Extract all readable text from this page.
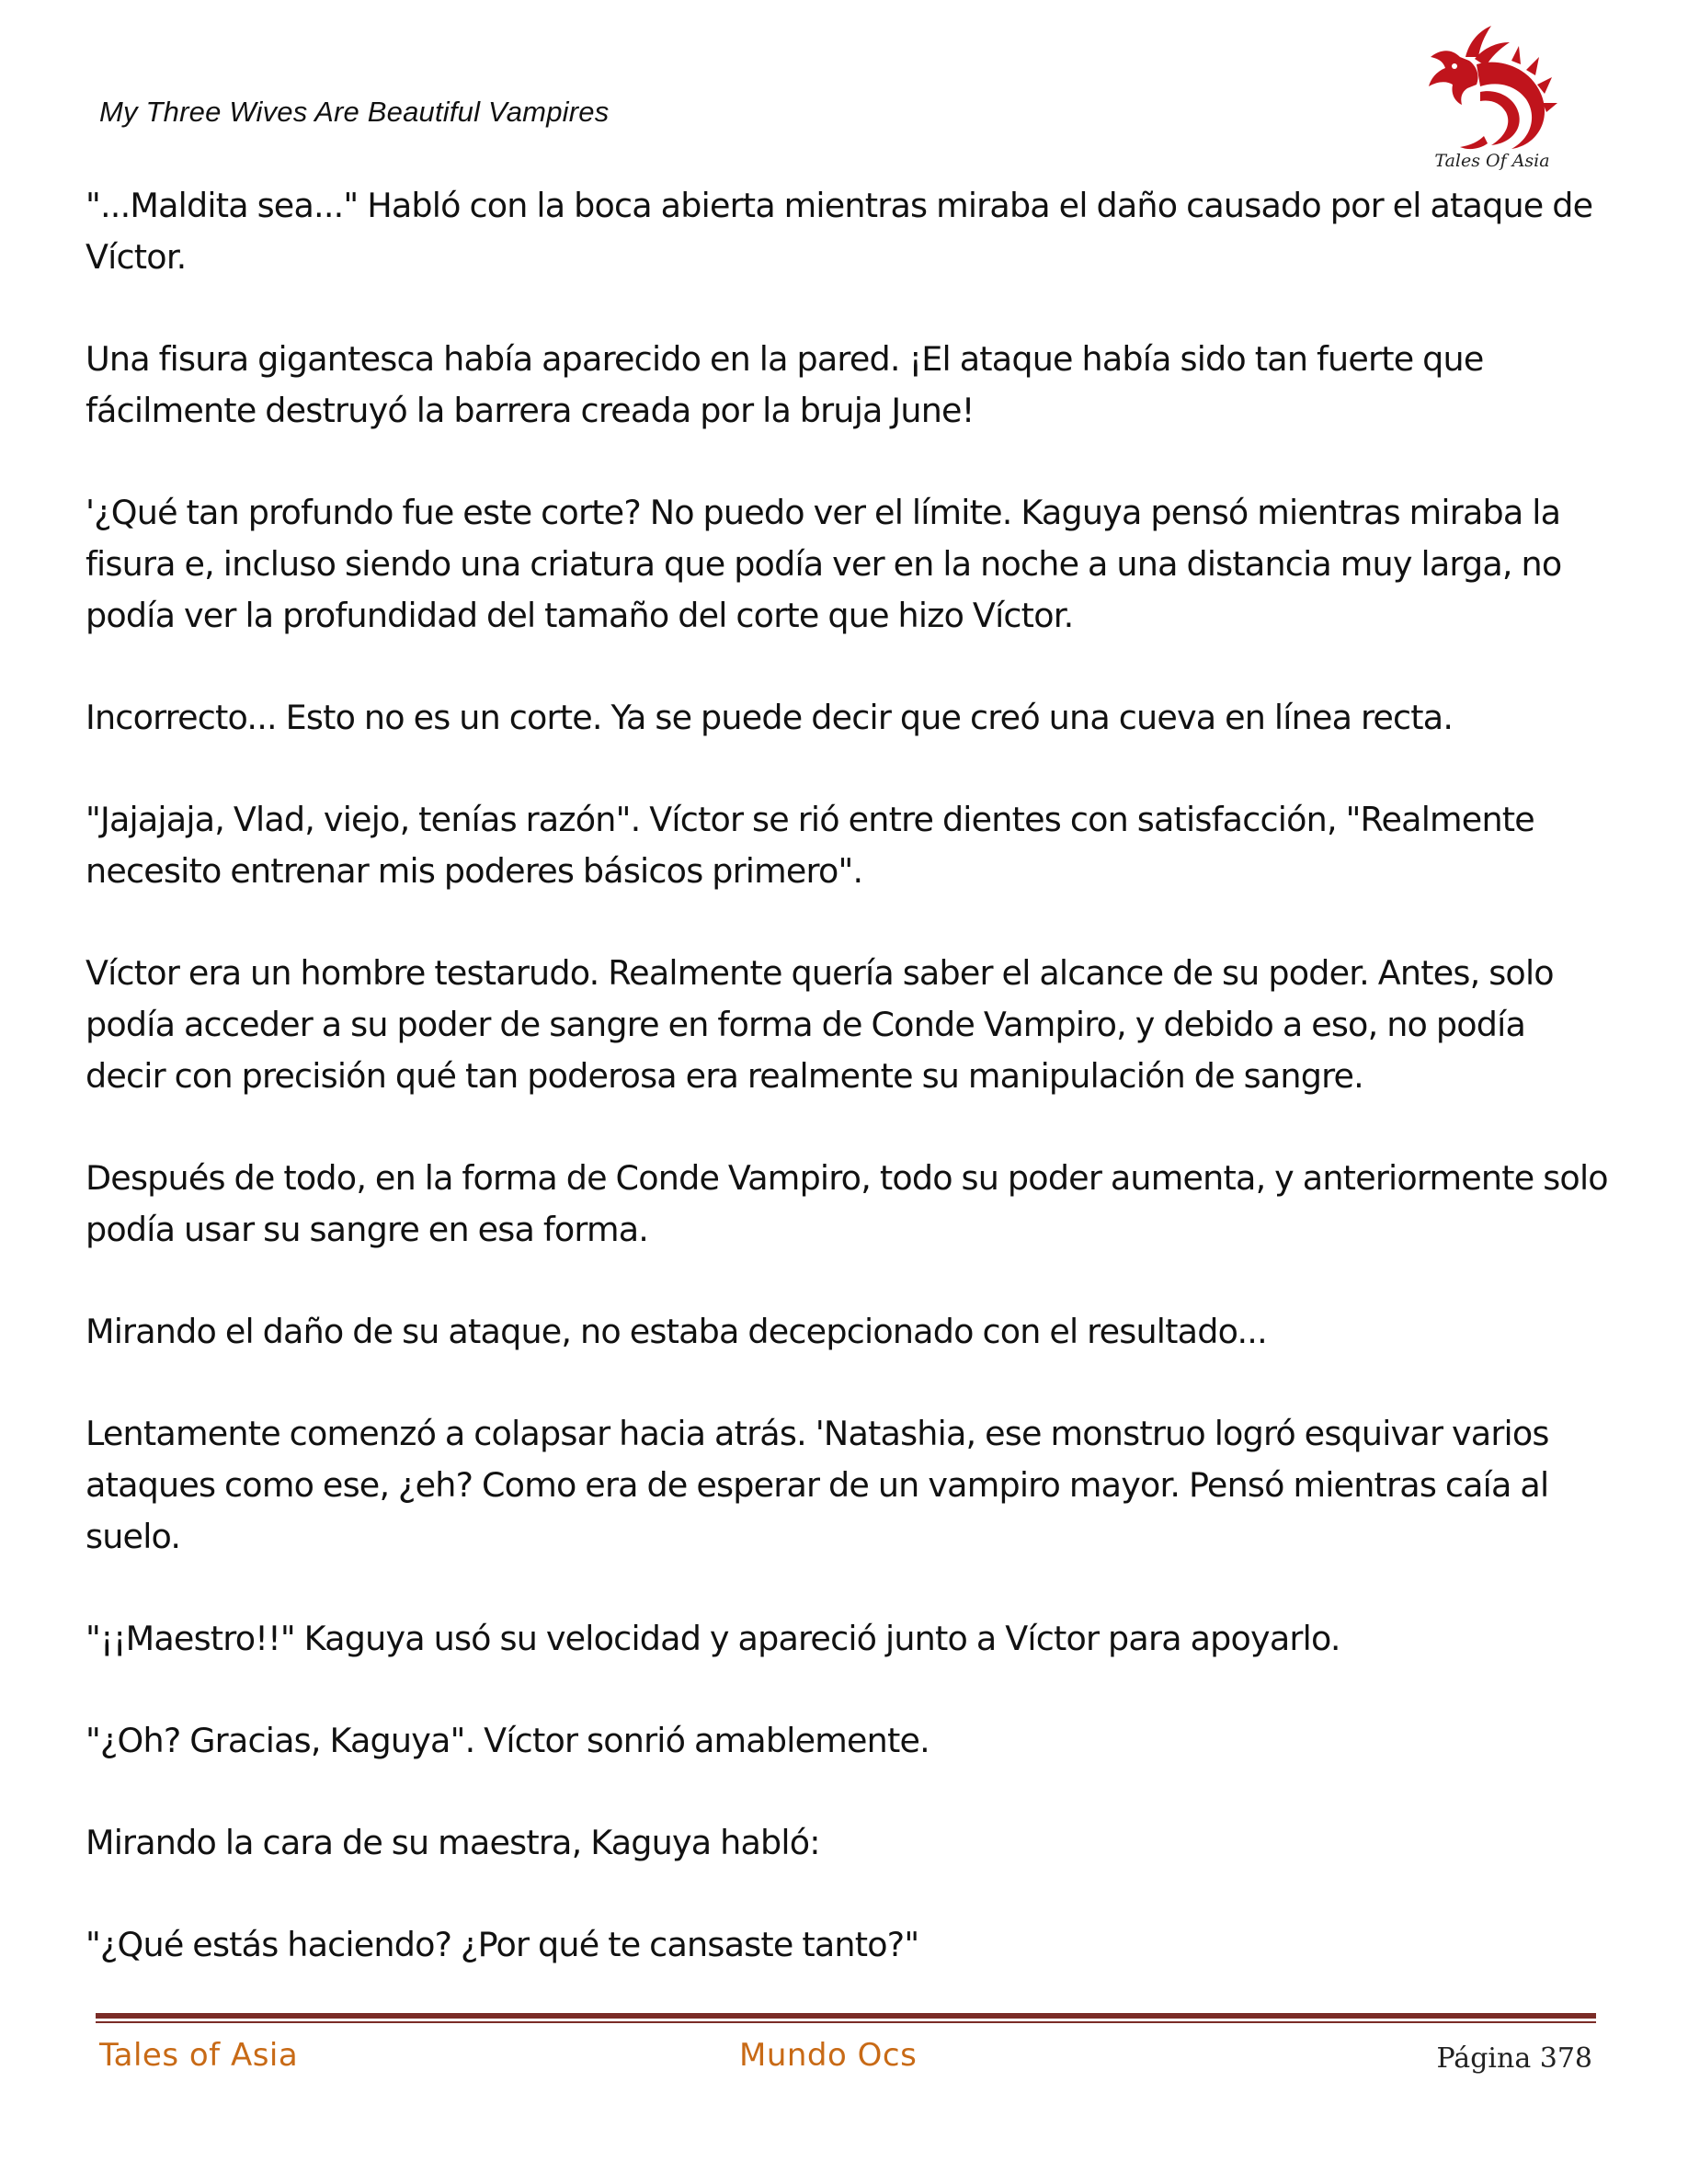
My Three Wives Are Beautiful Vampires
Tales Of Asia

"...Maldita sea..." Habló con la boca abierta mientras miraba el daño causado por el ataque de Víctor.

Una fisura gigantesca había aparecido en la pared. ¡El ataque había sido tan fuerte que fácilmente destruyó la barrera creada por la bruja June!

'¿Qué tan profundo fue este corte? No puedo ver el límite. Kaguya pensó mientras miraba la fisura e, incluso siendo una criatura que podía ver en la noche a una distancia muy larga, no podía ver la profundidad del tamaño del corte que hizo Víctor.

Incorrecto... Esto no es un corte. Ya se puede decir que creó una cueva en línea recta.

"Jajajaja, Vlad, viejo, tenías razón". Víctor se rió entre dientes con satisfacción, "Realmente necesito entrenar mis poderes básicos primero".

Víctor era un hombre testarudo. Realmente quería saber el alcance de su poder. Antes, solo podía acceder a su poder de sangre en forma de Conde Vampiro, y debido a eso, no podía decir con precisión qué tan poderosa era realmente su manipulación de sangre.

Después de todo, en la forma de Conde Vampiro, todo su poder aumenta, y anteriormente solo podía usar su sangre en esa forma.

Mirando el daño de su ataque, no estaba decepcionado con el resultado...

Lentamente comenzó a colapsar hacia atrás. 'Natashia, ese monstruo logró esquivar varios ataques como ese, ¿eh? Como era de esperar de un vampiro mayor. Pensó mientras caía al suelo.

"¡¡Maestro!!" Kaguya usó su velocidad y apareció junto a Víctor para apoyarlo.

"¿Oh? Gracias, Kaguya". Víctor sonrió amablemente.

Mirando la cara de su maestra, Kaguya habló:

"¿Qué estás haciendo? ¿Por qué te cansaste tanto?"

Tales of Asia	Mundo Ocs	Página 378
